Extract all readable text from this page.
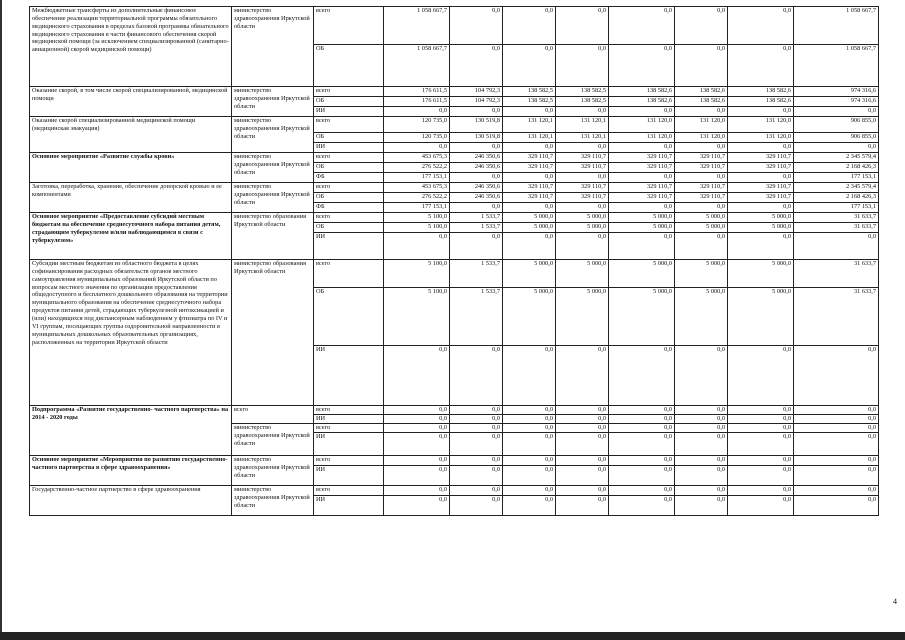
Межбюджетные трансферты из дополнительные финансовое обеспечение реализации территориальной программы обязательного медицинского страхования в пределах базовой программы обязательного медицинского страхования в части финансового обеспечения скорой медицинской помощи (за исключением специализированной (санитарно-авиационной) скорой медицинской помощи)	министерство здравоохранения Иркутской области	всего	1 058 667,7	0,0	0,0	0,0	0,0	0,0	0,0	1 058 667,7
		ОБ	1 058 667,7	0,0	0,0	0,0	0,0	0,0	0,0	1 058 667,7
Оказание скорой, в том числе скорой специализированной, медицинской помощи	министерство здравоохранения Иркутской области	всего	176 611,5	104 792,3	138 582,5	138 582,5	138 582,6	138 582,6	138 582,6	974 316,6
		ОБ	176 611,5	104 792,3	138 582,5	138 582,5	138 582,6	138 582,6	138 582,6	974 316,6
		ИИ	0,0	0,0	0,0	0,0	0,0	0,0	0,0	0,0
Оказание скорой специализированной медицинской помощи (медицинская эвакуация)	министерство здравоохранения Иркутской области	всего	120 735,0	130 519,8	131 120,1	131 120,1	131 120,0	131 120,0	131 120,0	906 855,0
		ОБ	120 735,0	130 519,8	131 120,1	131 120,1	131 120,0	131 120,0	131 120,0	906 855,0
		ИИ	0,0	0,0	0,0	0,0	0,0	0,0	0,0	0,0
Основное мероприятие «Развитие службы крови»	министерство здравоохранения Иркутской области	всего	453 675,3	246 350,6	329 110,7	329 110,7	329 110,7	329 110,7	329 110,7	2 345 579,4
		ОБ	276 522,2	246 350,6	329 110,7	329 110,7	329 110,7	329 110,7	329 110,7	2 168 426,3
		ФБ	177 153,1	0,0	0,0	0,0	0,0	0,0	0,0	177 153,1
Заготовка, переработка, хранение, обеспечение донорской кровью и ее компонентами	министерство здравоохранения Иркутской области	всего	453 675,3	246 350,6	329 110,7	329 110,7	329 110,7	329 110,7	329 110,7	2 345 579,4
		ОБ	276 522,2	246 350,6	329 110,7	329 110,7	329 110,7	329 110,7	329 110,7	2 168 426,3
		ФБ	177 153,1	0,0	0,0	0,0	0,0	0,0	0,0	177 153,1
Основное мероприятие «Предоставление субсидий местным бюджетам на обеспечение среднесуточного набора питания детям, страдающим туберкулезом и/или наблюдающимся в связи с туберкулезом»	министерство образования Иркутской области	всего	5 100,0	1 533,7	5 000,0	5 000,0	5 000,0	5 000,0	5 000,0	31 633,7
		ОБ	5 100,0	1 533,7	5 000,0	5 000,0	5 000,0	5 000,0	5 000,0	31 633,7
		ИИ	0,0	0,0	0,0	0,0	0,0	0,0	0,0	0,0
Субсидии местным бюджетам из областного бюджета в целях софинансирования расходных обязательств органов местного самоуправления муниципальных образований Иркутской области по вопросам местного значения по организации предоставления общедоступного и бесплатного дошкольного образования на территории муниципального образования на обеспечение среднесуточного набора продуктов питания детей, страдающих туберкулезной интоксикацией и (или) находящихся под диспансерным наблюдением у фтизиатра по IV и VI группам, посещающих группы оздоровительной направленности в муниципальных дошкольных образовательных организациях, расположенных на территории Иркутской области	министерство образования Иркутской области	всего	5 100,0	1 533,7	5 000,0	5 000,0	5 000,0	5 000,0	5 000,0	31 633,7
		ОБ	5 100,0	1 533,7	5 000,0	5 000,0	5 000,0	5 000,0	5 000,0	31 633,7
		ИИ	0,0	0,0	0,0	0,0	0,0	0,0	0,0	0,0
Подпрограмма «Развитие государственно- частного партнерства» на 2014 - 2020 годы	всего	всего	0,0	0,0	0,0	0,0	0,0	0,0	0,0	0,0
		ИИ	0,0	0,0	0,0	0,0	0,0	0,0	0,0	0,0
	министерство здравоохранения Иркутской области	всего	0,0	0,0	0,0	0,0	0,0	0,0	0,0	0,0
		ИИ	0,0	0,0	0,0	0,0	0,0	0,0	0,0	0,0
Основное мероприятие «Мероприятия по развитию государственно-частного партнерства в сфере здравоохранения»	министерство здравоохранения Иркутской области	всего	0,0	0,0	0,0	0,0	0,0	0,0	0,0	0,0
		ИИ	0,0	0,0	0,0	0,0	0,0	0,0	0,0	0,0
Государственно-частное партнерство в сфере здравоохранения	министерство здравоохранения Иркутской области	всего	0,0	0,0	0,0	0,0	0,0	0,0	0,0	0,0
		ИИ	0,0	0,0	0,0	0,0	0,0	0,0	0,0	0,0
4
